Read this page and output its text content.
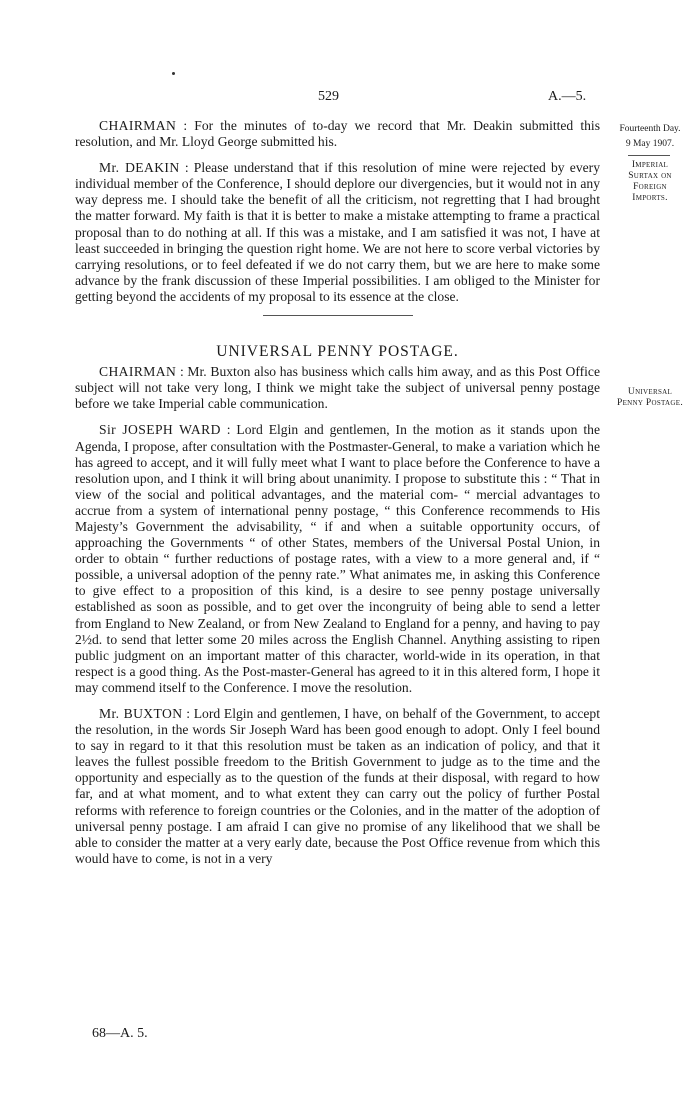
529	A.—5.
Fourteenth Day.
9 May 1907.
Imperial
Surtax on
Foreign
Imports.
Universal
Penny Postage.

CHAIRMAN : For the minutes of to-day we record that Mr. Deakin submitted this resolution, and Mr. Lloyd George submitted his.

Mr. DEAKIN : Please understand that if this resolution of mine were rejected by every individual member of the Conference, I should deplore our divergencies, but it would not in any way depress me. I should take the benefit of all the criticism, not regretting that I had brought the matter forward. My faith is that it is better to make a mistake attempting to frame a practical proposal than to do nothing at all. If this was a mistake, and I am satisfied it was not, I have at least succeeded in bringing the question right home. We are not here to score verbal victories by carrying resolutions, or to feel defeated if we do not carry them, but we are here to make some advance by the frank discussion of these Imperial possibilities. I am obliged to the Minister for getting beyond the accidents of my proposal to its essence at the close.

UNIVERSAL PENNY POSTAGE.

CHAIRMAN : Mr. Buxton also has business which calls him away, and as this Post Office subject will not take very long, I think we might take the subject of universal penny postage before we take Imperial cable communication.

Sir JOSEPH WARD : Lord Elgin and gentlemen, In the motion as it stands upon the Agenda, I propose, after consultation with the Postmaster-General, to make a variation which he has agreed to accept, and it will fully meet what I want to place before the Conference to have a resolution upon, and I think it will bring about unanimity. I propose to substitute this : “ That in view of the social and political advantages, and the material com- “ mercial advantages to accrue from a system of international penny postage, “ this Conference recommends to His Majesty’s Government the advisability, “ if and when a suitable opportunity occurs, of approaching the Governments “ of other States, members of the Universal Postal Union, in order to obtain “ further reductions of postage rates, with a view to a more general and, if “ possible, a universal adoption of the penny rate.” What animates me, in asking this Conference to give effect to a proposition of this kind, is a desire to see penny postage universally established as soon as possible, and to get over the incongruity of being able to send a letter from England to New Zealand, or from New Zealand to England for a penny, and having to pay 2½d. to send that letter some 20 miles across the English Channel. Anything assisting to ripen public judgment on an important matter of this character, world-wide in its operation, in that respect is a good thing. As the Post-master-General has agreed to it in this altered form, I hope it may commend itself to the Conference. I move the resolution.

Mr. BUXTON : Lord Elgin and gentlemen, I have, on behalf of the Government, to accept the resolution, in the words Sir Joseph Ward has been good enough to adopt. Only I feel bound to say in regard to it that this resolution must be taken as an indication of policy, and that it leaves the fullest possible freedom to the British Government to judge as to the time and the opportunity and especially as to the question of the funds at their disposal, with regard to how far, and at what moment, and to what extent they can carry out the policy of further Postal reforms with reference to foreign countries or the Colonies, and in the matter of the adoption of universal penny postage. I am afraid I can give no promise of any likelihood that we shall be able to consider the matter at a very early date, because the Post Office revenue from which this would have to come, is not in a very

68—A. 5.
